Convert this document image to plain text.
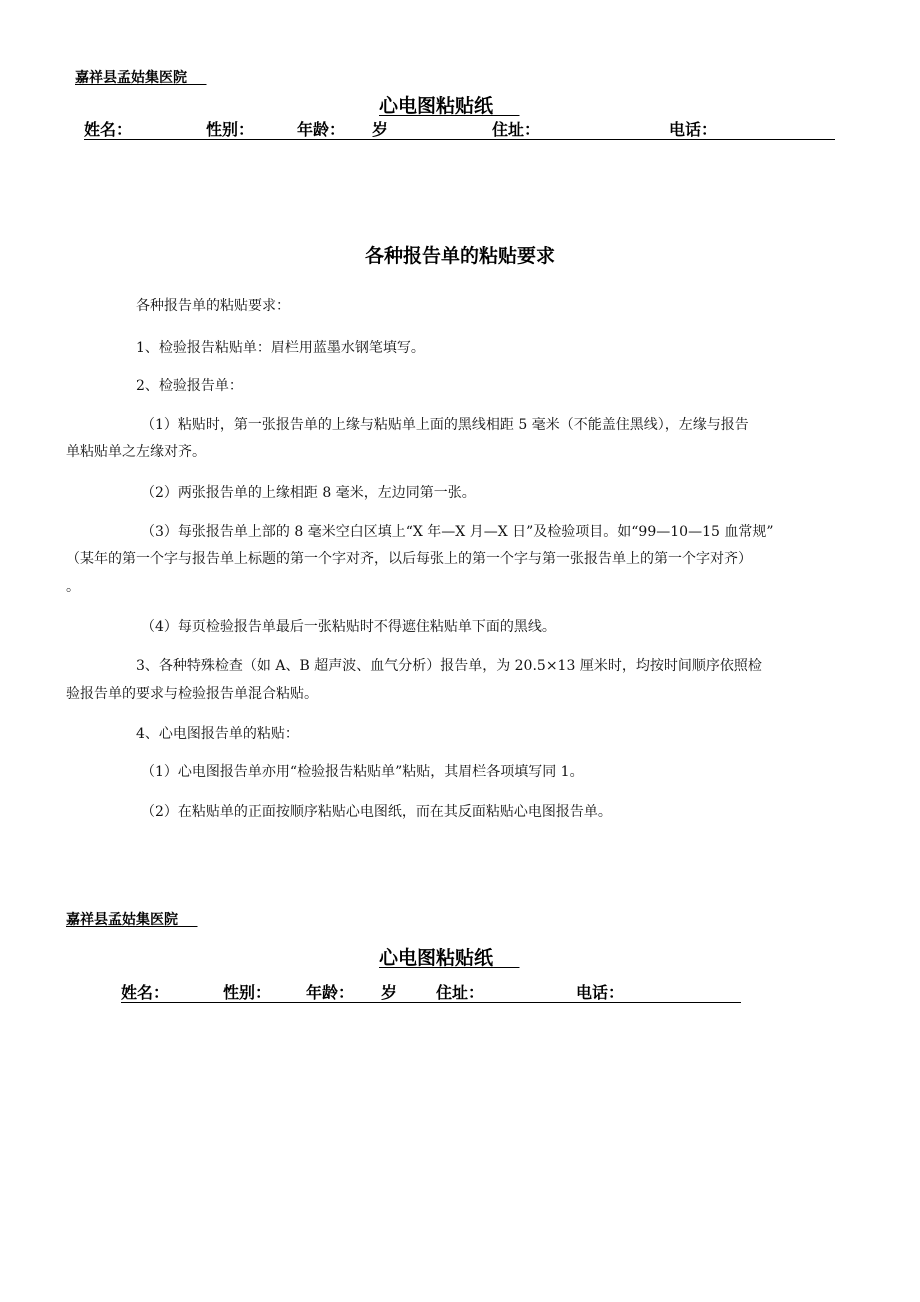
嘉祥县孟姑集医院
心电图粘贴纸
姓名：	性别：	年龄： 岁	住址：	电话：
各种报告单的粘贴要求
各种报告单的粘贴要求：
1、检验报告粘贴单：眉栏用蓝墨水钢笔填写。
2、检验报告单：
（1）粘贴时，第一张报告单的上缘与粘贴单上面的黑线相距 5 毫米（不能盖住黑线），左缘与报告
单粘贴单之左缘对齐。
（2）两张报告单的上缘相距 8 毫米，左边同第一张。
（3）每张报告单上部的 8 毫米空白区填上“X 年—X 月—X 日”及检验项目。如“99—10—15 血常规”
（某年的第一个字与报告单上标题的第一个字对齐，以后每张上的第一个字与第一张报告单上的第一个字对齐）
。
（4）每页检验报告单最后一张粘贴时不得遮住粘贴单下面的黑线。
3、各种特殊检查（如 A、B 超声波、血气分析）报告单，为 20.5×13 厘米时，均按时间顺序依照检
验报告单的要求与检验报告单混合粘贴。
4、心电图报告单的粘贴：
（1）心电图报告单亦用“检验报告粘贴单”粘贴，其眉栏各项填写同 1。
（2）在粘贴单的正面按顺序粘贴心电图纸，而在其反面粘贴心电图报告单。
嘉祥县孟姑集医院
心电图粘贴纸
姓名：	性别： 年龄： 岁 住址：	电话：
